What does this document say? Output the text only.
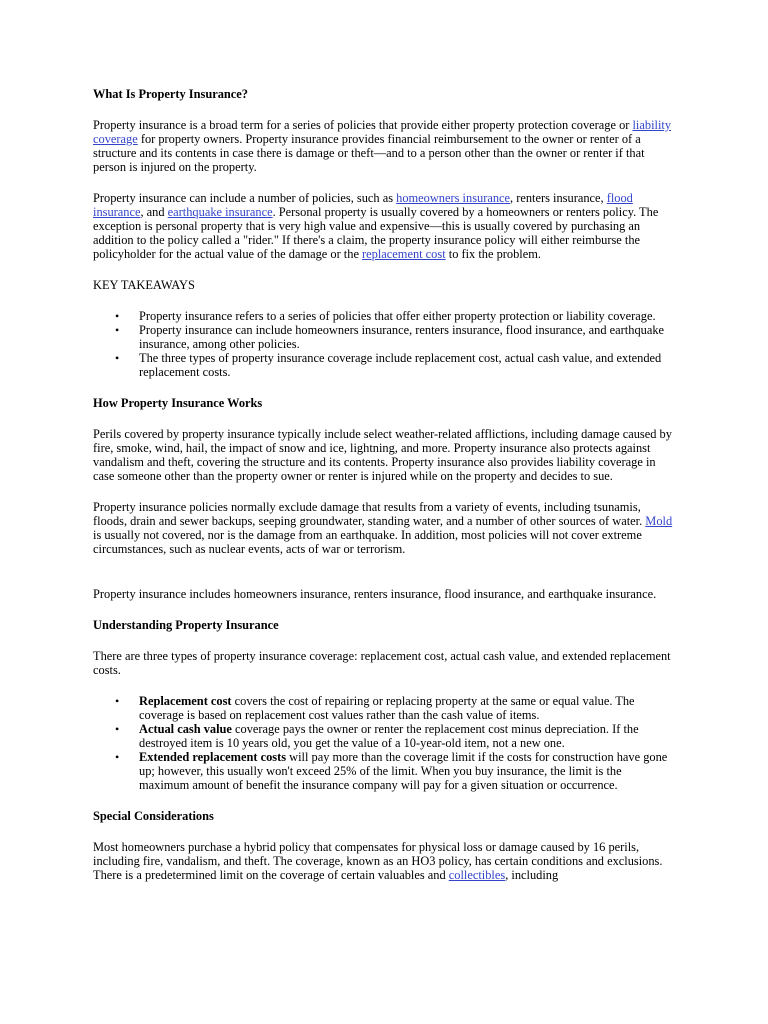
What Is Property Insurance?

Property insurance is a broad term for a series of policies that provide either property protection coverage or liability coverage for property owners. Property insurance provides financial reimbursement to the owner or renter of a structure and its contents in case there is damage or theft—and to a person other than the owner or renter if that person is injured on the property.

Property insurance can include a number of policies, such as homeowners insurance, renters insurance, flood insurance, and earthquake insurance. Personal property is usually covered by a homeowners or renters policy. The exception is personal property that is very high value and expensive—this is usually covered by purchasing an addition to the policy called a "rider." If there's a claim, the property insurance policy will either reimburse the policyholder for the actual value of the damage or the replacement cost to fix the problem.

KEY TAKEAWAYS

• Property insurance refers to a series of policies that offer either property protection or liability coverage.
• Property insurance can include homeowners insurance, renters insurance, flood insurance, and earthquake insurance, among other policies.
• The three types of property insurance coverage include replacement cost, actual cash value, and extended replacement costs.
How Property Insurance Works

Perils covered by property insurance typically include select weather-related afflictions, including damage caused by fire, smoke, wind, hail, the impact of snow and ice, lightning, and more. Property insurance also protects against vandalism and theft, covering the structure and its contents. Property insurance also provides liability coverage in case someone other than the property owner or renter is injured while on the property and decides to sue.

Property insurance policies normally exclude damage that results from a variety of events, including tsunamis, floods, drain and sewer backups, seeping groundwater, standing water, and a number of other sources of water. Mold is usually not covered, nor is the damage from an earthquake. In addition, most policies will not cover extreme circumstances, such as nuclear events, acts of war or terrorism.

Property insurance includes homeowners insurance, renters insurance, flood insurance, and earthquake insurance.

Understanding Property Insurance

There are three types of property insurance coverage: replacement cost, actual cash value, and extended replacement costs.

• Replacement cost covers the cost of repairing or replacing property at the same or equal value. The coverage is based on replacement cost values rather than the cash value of items.
• Actual cash value coverage pays the owner or renter the replacement cost minus depreciation. If the destroyed item is 10 years old, you get the value of a 10-year-old item, not a new one.
• Extended replacement costs will pay more than the coverage limit if the costs for construction have gone up; however, this usually won't exceed 25% of the limit. When you buy insurance, the limit is the maximum amount of benefit the insurance company will pay for a given situation or occurrence.
Special Considerations

Most homeowners purchase a hybrid policy that compensates for physical loss or damage caused by 16 perils, including fire, vandalism, and theft. The coverage, known as an HO3 policy, has certain conditions and exclusions. There is a predetermined limit on the coverage of certain valuables and collectibles, including
